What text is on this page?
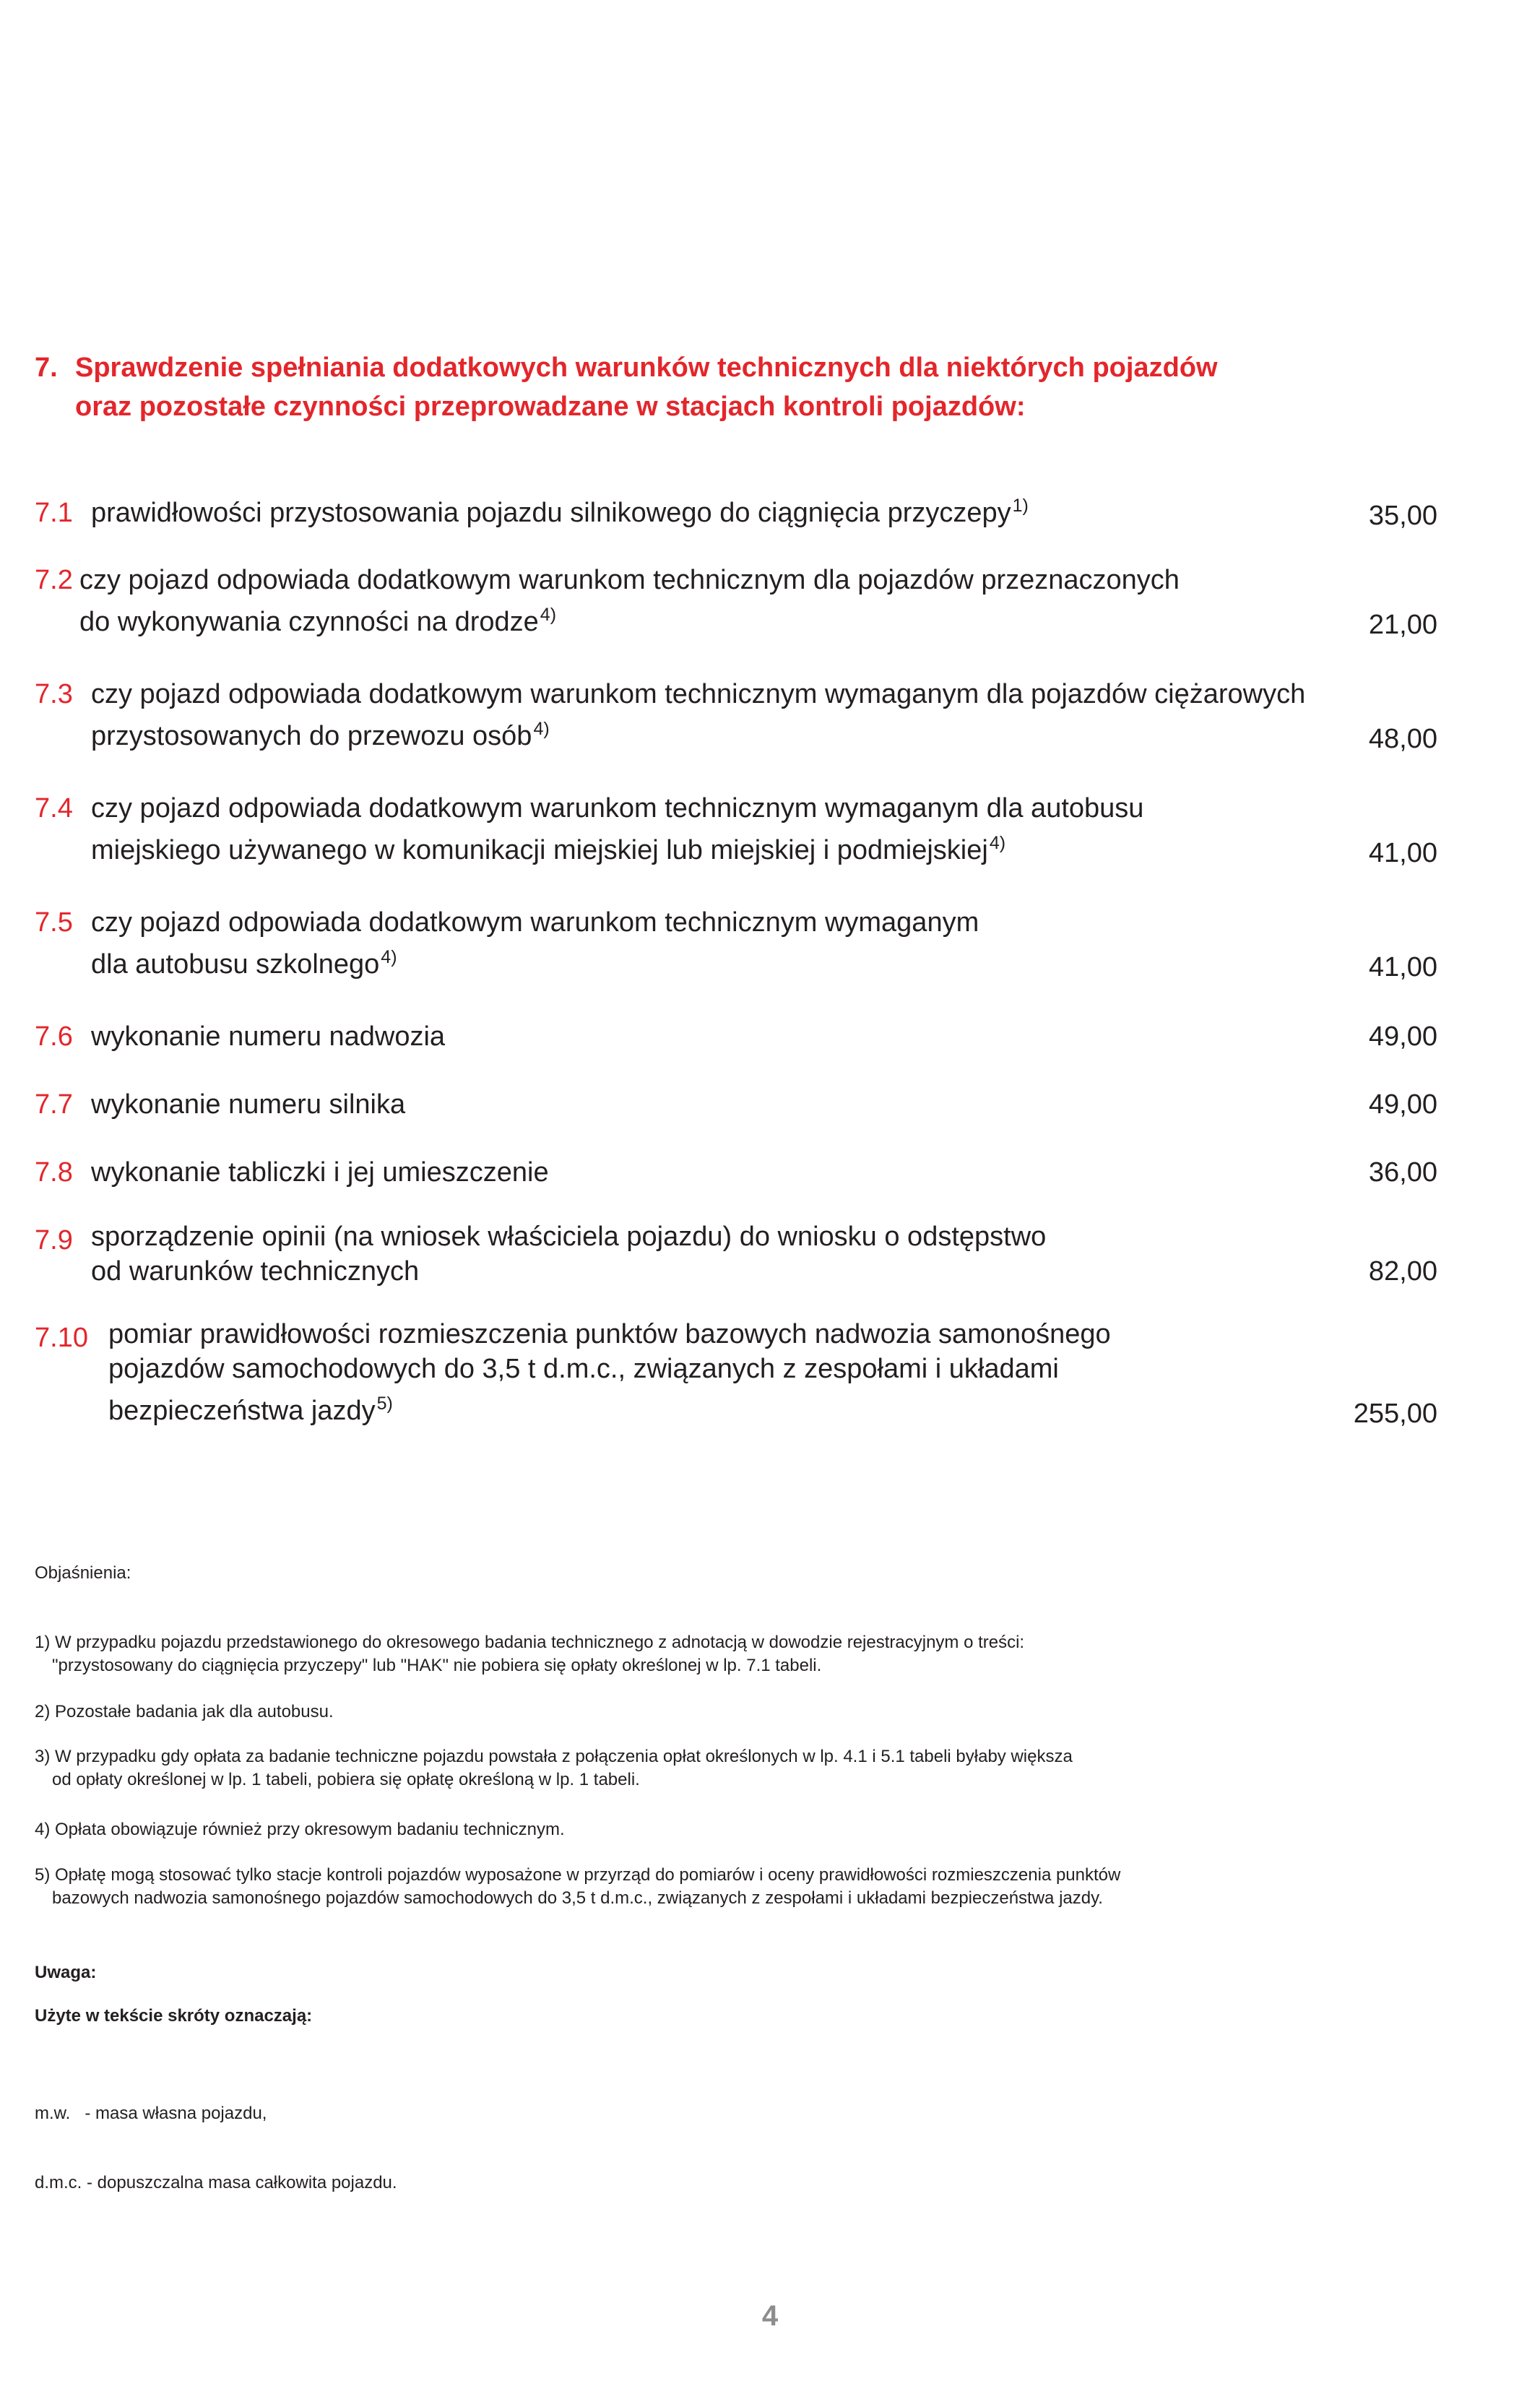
7. Sprawdzenie spełniania dodatkowych warunków technicznych dla niektórych pojazdów
oraz pozostałe czynności przeprowadzane w stacjach kontroli pojazdów:
7.1 prawidłowości przystosowania pojazdu silnikowego do ciągnięcia przyczepy$^{1)}$	35,00
7.2 czy pojazd odpowiada dodatkowym warunkom technicznym dla pojazdów przeznaczonych
do wykonywania czynności na drodze$^{4)}$	21,00
7.3 czy pojazd odpowiada dodatkowym warunkom technicznym wymaganym dla pojazdów ciężarowych
przystosowanych do przewozu osób$^{4)}$	48,00
7.4 czy pojazd odpowiada dodatkowym warunkom technicznym wymaganym dla autobusu
miejskiego używanego w komunikacji miejskiej lub miejskiej i podmiejskiej$^{4)}$	41,00
7.5 czy pojazd odpowiada dodatkowym warunkom technicznym wymaganym
dla autobusu szkolnego$^{4)}$	41,00
7.6 wykonanie numeru nadwozia	49,00
7.7 wykonanie numeru silnika	49,00
7.8 wykonanie tabliczki i jej umieszczenie	36,00
7.9 sporządzenie opinii (na wniosek właściciela pojazdu) do wniosku o odstępstwo
od warunków technicznych	82,00
7.10 pomiar prawidłowości rozmieszczenia punktów bazowych nadwozia samonośnego
pojazdów samochodowych do 3,5 t d.m.c., związanych z zespołami i układami
bezpieczeństwa jazdy$^{5)}$	255,00
Objaśnienia:
1) W przypadku pojazdu przedstawionego do okresowego badania technicznego z adnotacją w dowodzie rejestracyjnym o treści:
"przystosowany do ciągnięcia przyczepy" lub "HAK" nie pobiera się opłaty określonej w lp. 7.1 tabeli.
2) Pozostałe badania jak dla autobusu.
3) W przypadku gdy opłata za badanie techniczne pojazdu powstała z połączenia opłat określonych w lp. 4.1 i 5.1 tabeli byłaby większa
od opłaty określonej w lp. 1 tabeli, pobiera się opłatę określoną w lp. 1 tabeli.
4) Opłata obowiązuje również przy okresowym badaniu technicznym.
5) Opłatę mogą stosować tylko stacje kontroli pojazdów wyposażone w przyrząd do pomiarów i oceny prawidłowości rozmieszczenia punktów
bazowych nadwozia samonośnego pojazdów samochodowych do 3,5 t d.m.c., związanych z zespołami i układami bezpieczeństwa jazdy.
Uwaga:
Użyte w tekście skróty oznaczają:

m.w.   - masa własna pojazdu,

d.m.c. - dopuszczalna masa całkowita pojazdu.

4
